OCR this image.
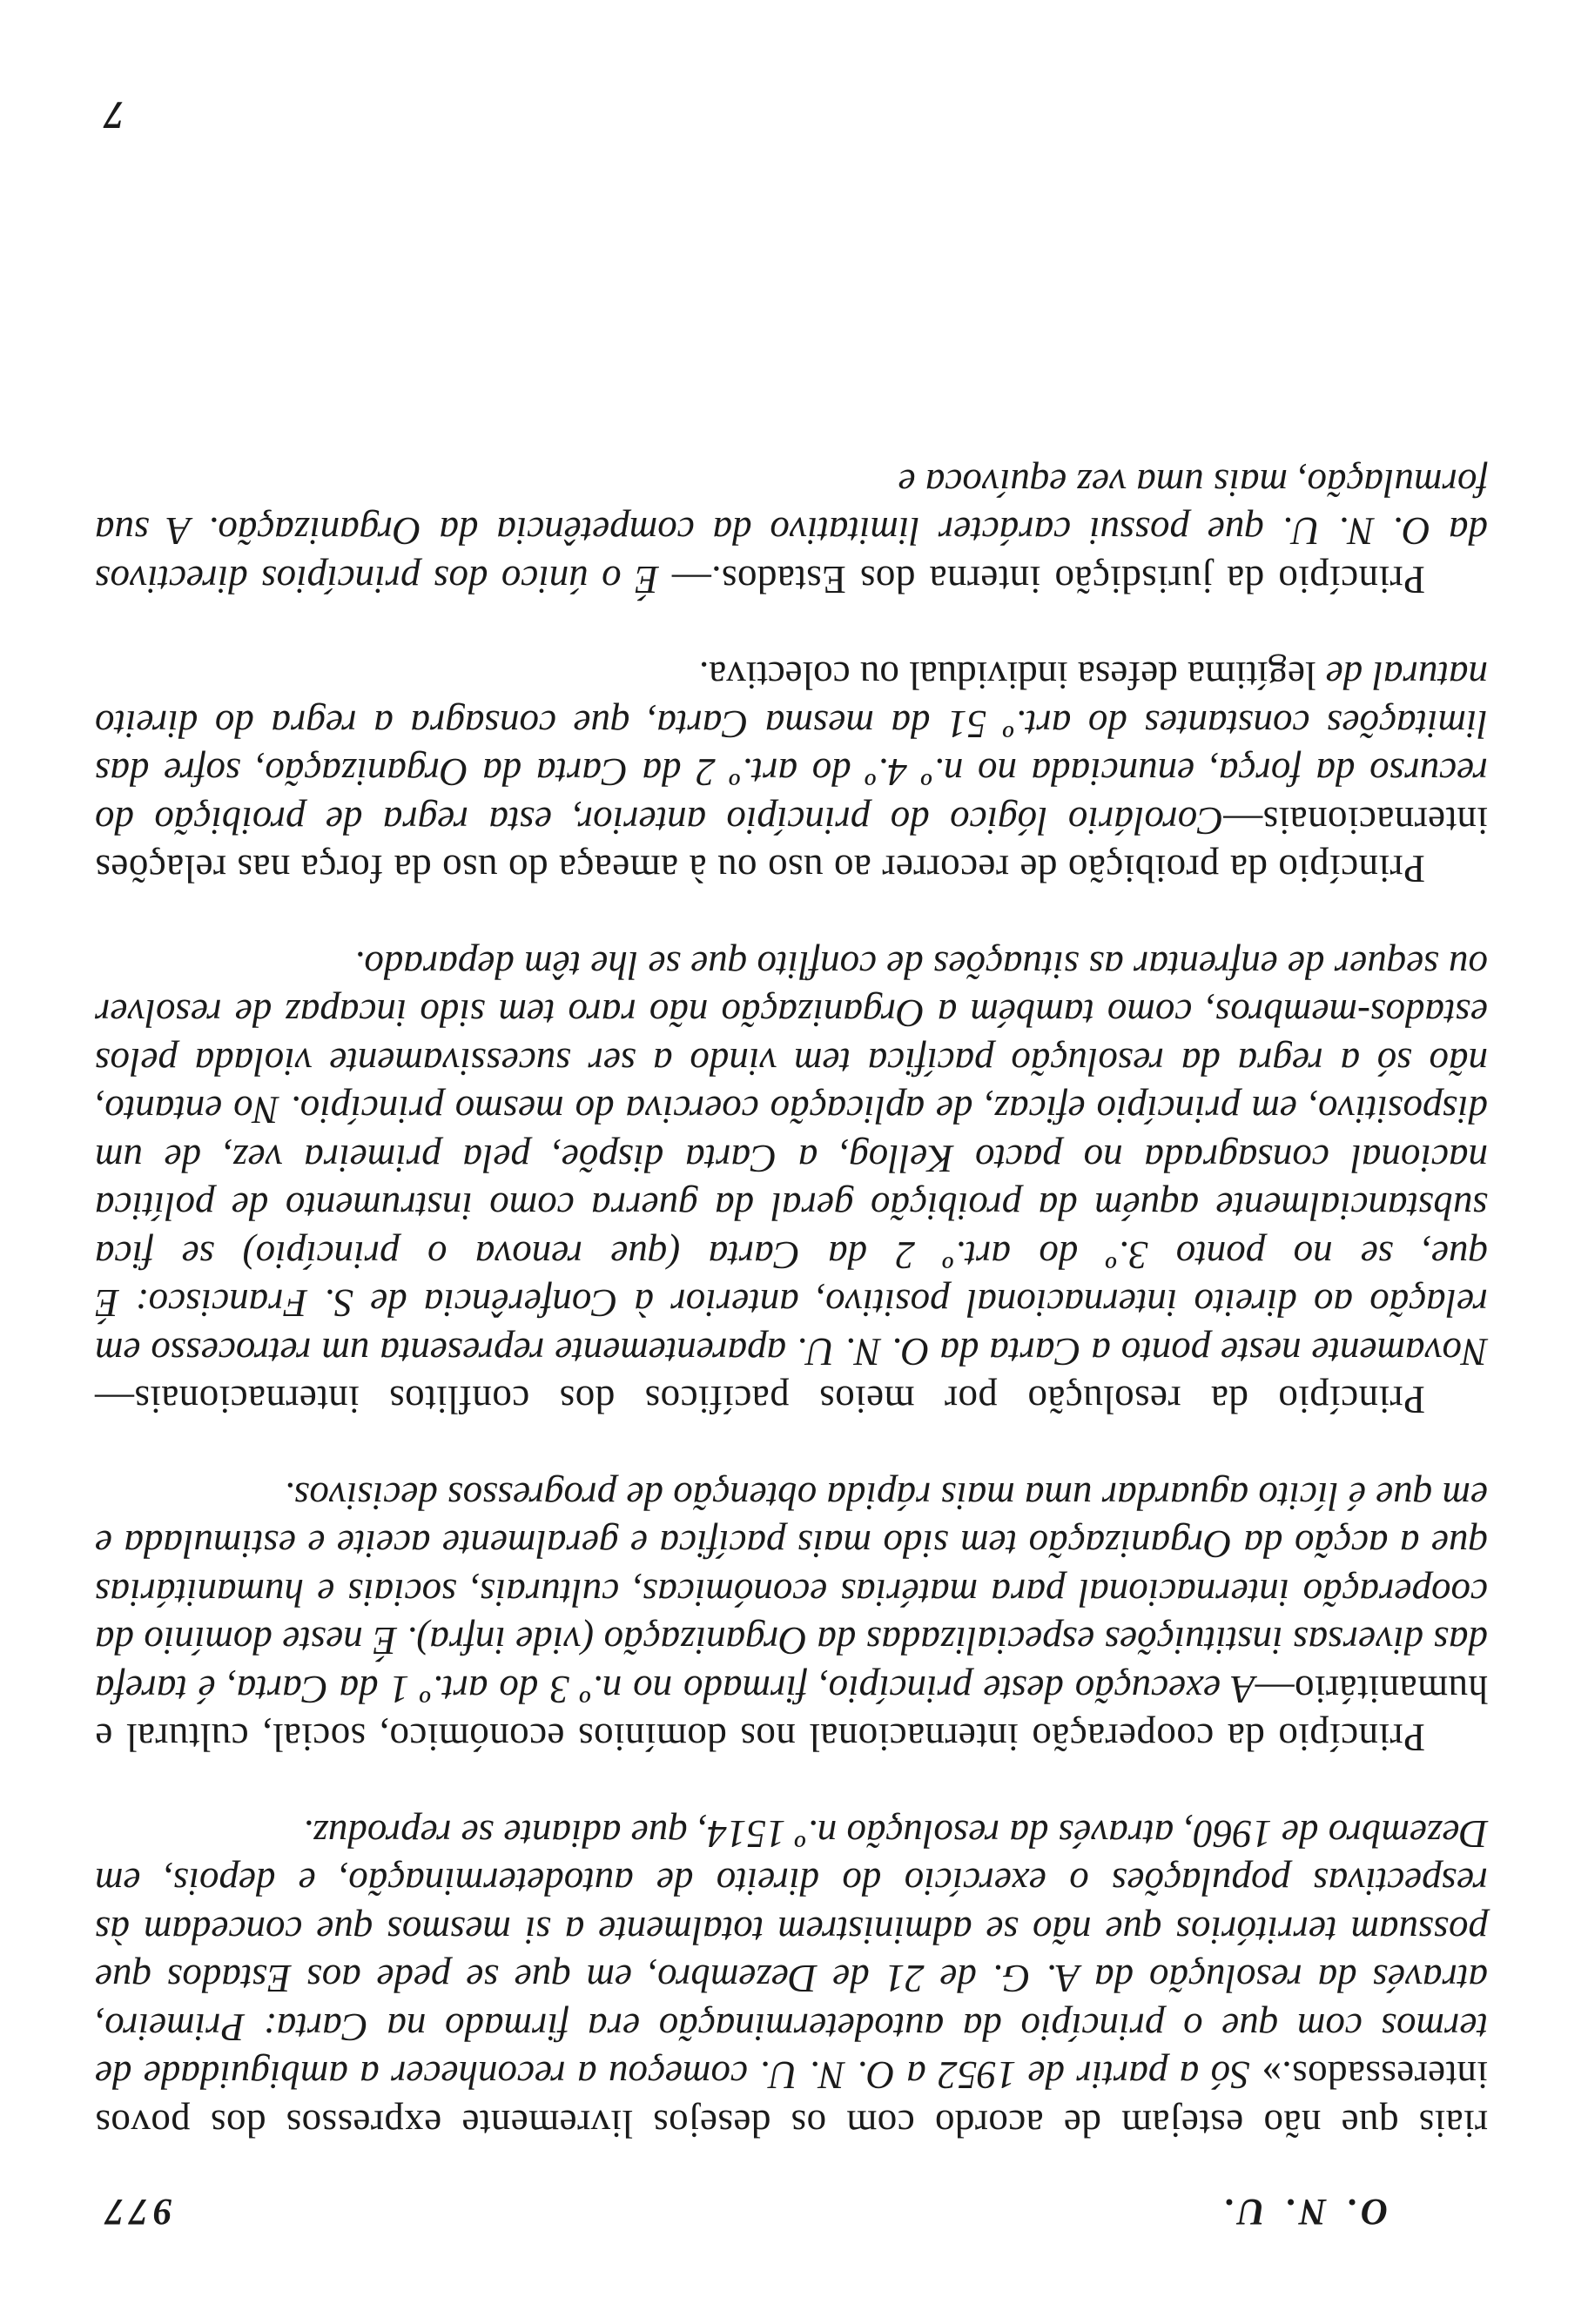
O. N. U.
977

riais que não estejam de acordo com os desejos livremente expressos dos povos interessados.» Só a partir de 1952 a O. N. U. começou a reconhecer a ambiguidade de termos com que o princípio da autodeterminação era firmado na Carta: Primeiro, através da resolução da A. G. de 21 de Dezembro, em que se pede aos Estados que possuam territórios que não se administrem totalmente a si mesmos que concedam às respectivas populações o exercício do direito de autodeterminação, e depois, em Dezembro de 1960, através da resolução n.º 1514, que adiante se reproduz.

Princípio da cooperação internacional nos domínios económico, social, cultural e humanitário—A execução deste princípio, firmado no n.º 3 do art.º 1 da Carta, é tarefa das diversas instituições especializadas da Organização (vide infra). É neste domínio da cooperação internacional para matérias económicas, culturais, sociais e humanitárias que a acção da Organização tem sido mais pacífica e geralmente aceite e estimulada e em que é lícito aguardar uma mais rápida obtenção de progressos decisivos.

Princípio da resolução por meios pacíficos dos conflitos internacionais—Novamente neste ponto a Carta da O. N. U. aparentemente representa um retrocesso em relação ao direito internacional positivo, anterior à Conferência de S. Francisco: É que, se no ponto 3.º do art.º 2 da Carta (que renova o princípio) se fica substancialmente aquém da proibição geral da guerra como instrumento de política nacional consagrada no pacto Kellog, a Carta dispõe, pela primeira vez, de um dispositivo, em princípio eficaz, de aplicação coerciva do mesmo princípio. No entanto, não só a regra da resolução pacífica tem vindo a ser sucessivamente violada pelos estados-membros, como também a Organização não raro tem sido incapaz de resolver ou sequer de enfrentar as situações de conflito que se lhe têm deparado.

Princípio da proibição de recorrer ao uso ou à ameaça do uso da força nas relações internacionais—Corolário lógico do princípio anterior, esta regra de proibição do recurso da força, enunciada no n.º 4.º do art.º 2 da Carta da Organização, sofre das limitações constantes do art.º 51 da mesma Carta, que consagra a regra do direito natural de legítima defesa individual ou colectiva.

Princípio da jurisdição interna dos Estados.— É o único dos princípios directivos da O. N. U. que possui carácter limitativo da competência da Organização. A sua formulação, mais uma vez equívoca e

7
